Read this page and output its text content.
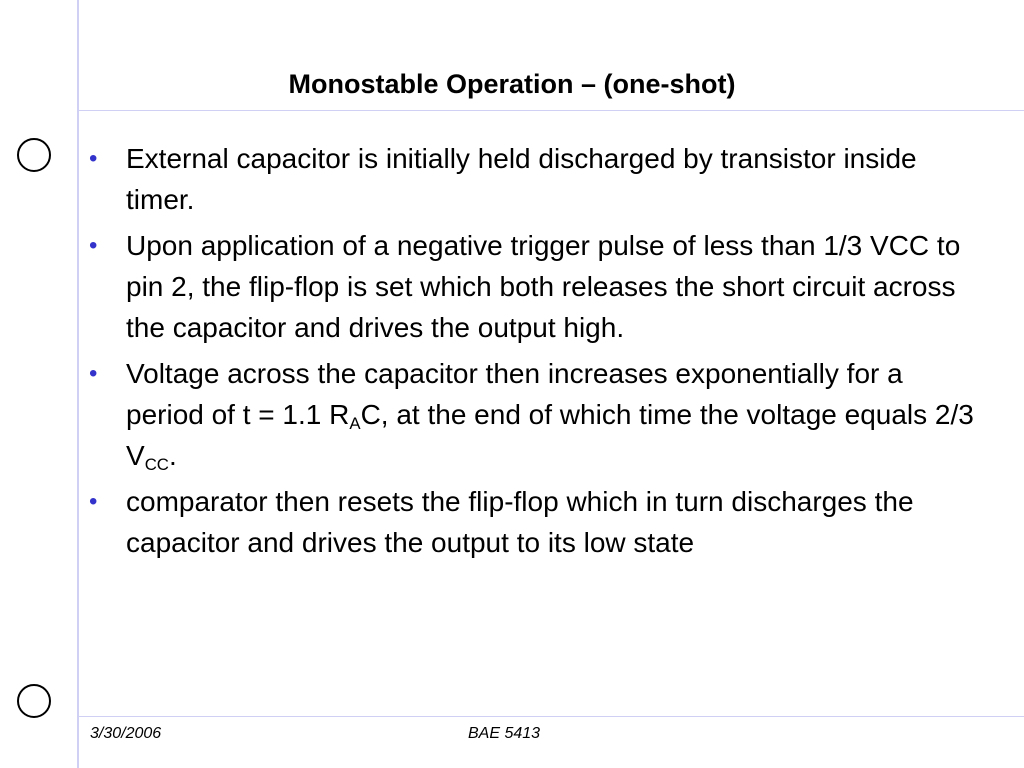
Monostable Operation – (one-shot)
• External capacitor is initially held discharged by transistor inside timer.
• Upon application of a negative trigger pulse of less than 1/3 VCC to pin 2, the flip-flop is set which both releases the short circuit across the capacitor and drives the output high.
• Voltage across the capacitor then increases exponentially for a period of t = 1.1 $R_AC$, at the end of which time the voltage equals 2/3 $V_{CC}$.
• comparator then resets the flip-flop which in turn discharges the capacitor and drives the output to its low state
3/30/2006	BAE 5413
